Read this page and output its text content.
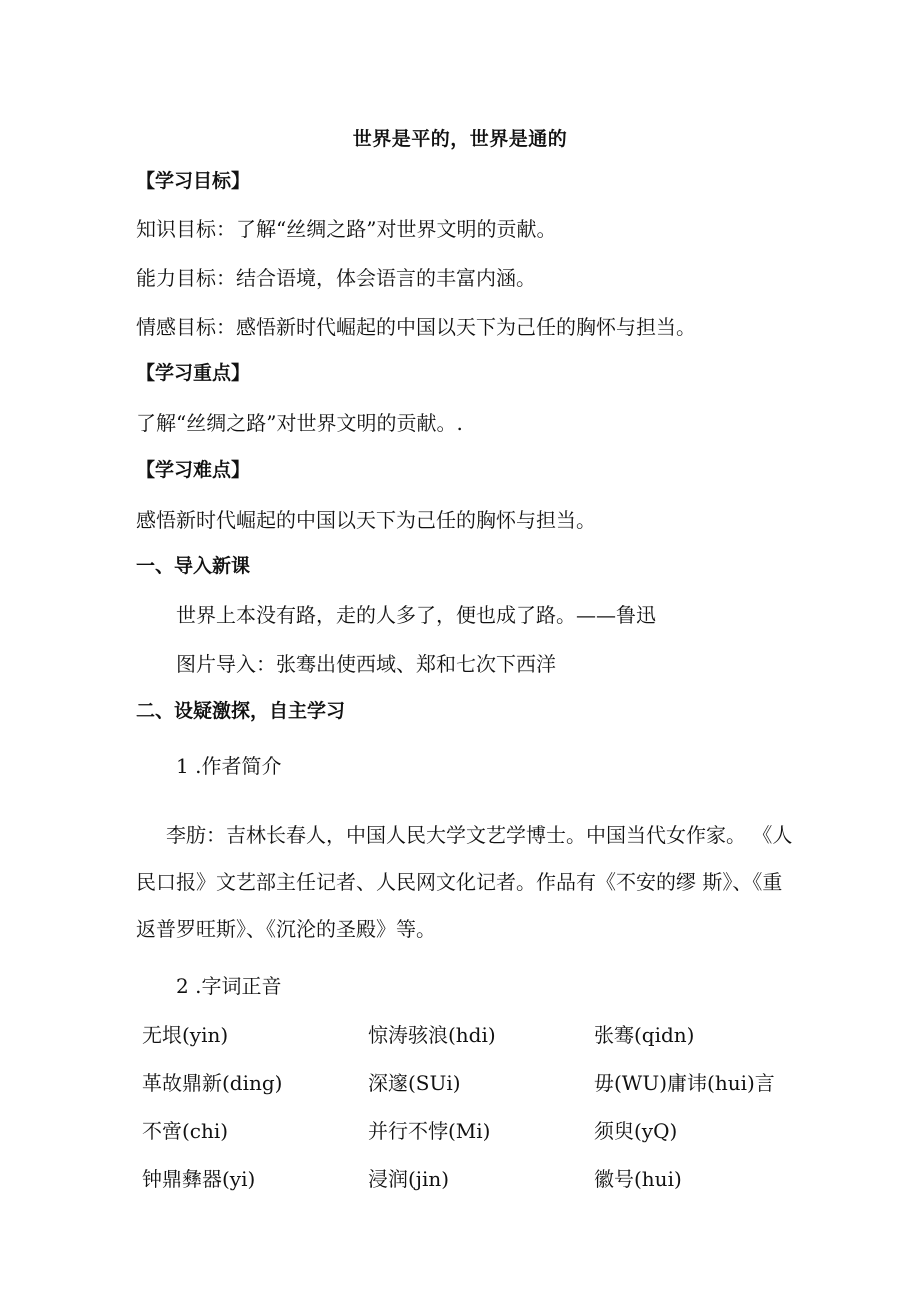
世界是平的，世界是通的
【学习目标】
知识目标：了解“丝绸之路”对世界文明的贡献。
能力目标：结合语境，体会语言的丰富内涵。
情感目标：感悟新时代崛起的中国以天下为己任的胸怀与担当。
【学习重点】
了解“丝绸之路”对世界文明的贡献。.
【学习难点】
感悟新时代崛起的中国以天下为己任的胸怀与担当。
一、导入新课
世界上本没有路，走的人多了，便也成了路。——鲁迅
图片导入：张骞出使西域、郑和七次下西洋
二、设疑激探，自主学习
1 .作者简介
李肪：吉林长春人，中国人民大学文艺学博士。中国当代女作家。 《人民口报》文艺部主任记者、人民网文化记者。作品有《不安的缪 斯》、《重返普罗旺斯》、《沉沦的圣殿》等。
2 .字词正音
无垠(yin)	惊涛骇浪(hdi)	张骞(qidn)
革故鼎新(ding)	深邃(SUi)	毋(WU)庸讳(hui)言
不啻(chi)	并行不悖(Mi)	须臾(yQ)
钟鼎彝器(yi)	浸润(jin)	徽号(hui)
